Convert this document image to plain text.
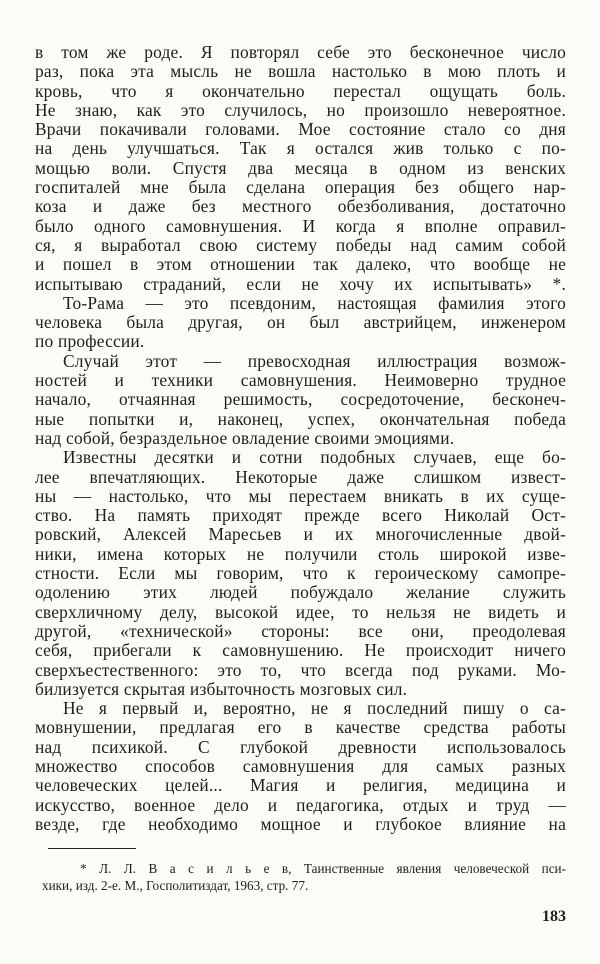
в том же роде. Я повторял себе это бесконечное число
раз, пока эта мысль не вошла настолько в мою плоть и
кровь, что я окончательно перестал ощущать боль.
Не знаю, как это случилось, но произошло невероятное.
Врачи покачивали головами. Мое состояние стало со дня
на день улучшаться. Так я остался жив только с по-
мощью воли. Спустя два месяца в одном из венских
госпиталей мне была сделана операция без общего нар-
коза и даже без местного обезболивания, достаточно
было одного самовнушения. И когда я вполне оправил-
ся, я выработал свою систему победы над самим собой
и пошел в этом отношении так далеко, что вообще не
испытываю страданий, если не хочу их испытывать» *.
То-Рама — это псевдоним, настоящая фамилия этого
человека была другая, он был австрийцем, инженером
по профессии.
Случай этот — превосходная иллюстрация возмож-
ностей и техники самовнушения. Неимоверно трудное
начало, отчаянная решимость, сосредоточение, бесконеч-
ные попытки и, наконец, успех, окончательная победа
над собой, безраздельное овладение своими эмоциями.
Известны десятки и сотни подобных случаев, еще бо-
лее впечатляющих. Некоторые даже слишком извест-
ны — настолько, что мы перестаем вникать в их суще-
ство. На память приходят прежде всего Николай Ост-
ровский, Алексей Маресьев и их многочисленные двой-
ники, имена которых не получили столь широкой изве-
стности. Если мы говорим, что к героическому самопре-
одолению этих людей побуждало желание служить
сверхличному делу, высокой идее, то нельзя не видеть и
другой, «технической» стороны: все они, преодолевая
себя, прибегали к самовнушению. Не происходит ничего
сверхъестественного: это то, что всегда под руками. Мо-
билизуется скрытая избыточность мозговых сил.
Не я первый и, вероятно, не я последний пишу о са-
мовнушении, предлагая его в качестве средства работы
над психикой. С глубокой древности использовалось
множество способов самовнушения для самых разных
человеческих целей... Магия и религия, медицина и
искусство, военное дело и педагогика, отдых и труд —
везде, где необходимо мощное и глубокое влияние на
* Л. Л. В а с и л ь е в, Таинственные явления человеческой пси-
хики, изд. 2-е. М., Госполитиздат, 1963, стр. 77.
183
